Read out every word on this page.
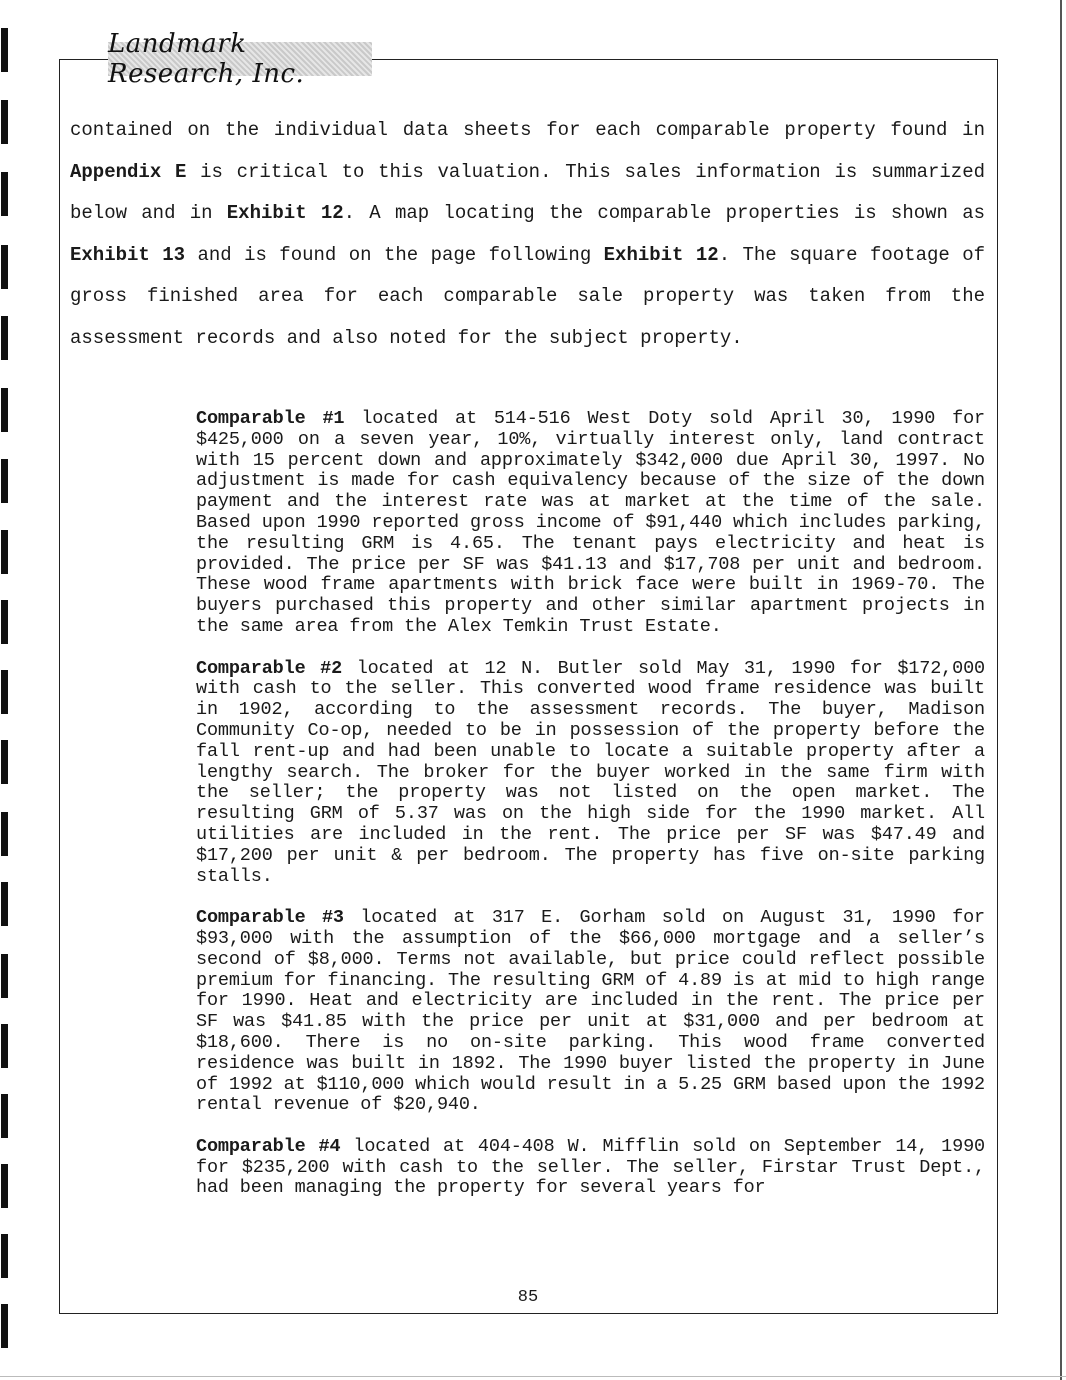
Landmark Research, Inc.

contained on the individual data sheets for each comparable property found in Appendix E is critical to this valuation. This sales information is summarized below and in Exhibit 12. A map locating the comparable properties is shown as Exhibit 13 and is found on the page following Exhibit 12. The square footage of gross finished area for each comparable sale property was taken from the assessment records and also noted for the subject property.

Comparable #1 located at 514-516 West Doty sold April 30, 1990 for $425,000 on a seven year, 10%, virtually interest only, land contract with 15 percent down and approximately $342,000 due April 30, 1997. No adjustment is made for cash equivalency because of the size of the down payment and the interest rate was at market at the time of the sale. Based upon 1990 reported gross income of $91,440 which includes parking, the resulting GRM is 4.65. The tenant pays electricity and heat is provided. The price per SF was $41.13 and $17,708 per unit and bedroom. These wood frame apartments with brick face were built in 1969-70. The buyers purchased this property and other similar apartment projects in the same area from the Alex Temkin Trust Estate.

Comparable #2 located at 12 N. Butler sold May 31, 1990 for $172,000 with cash to the seller. This converted wood frame residence was built in 1902, according to the assessment records. The buyer, Madison Community Co-op, needed to be in possession of the property before the fall rent-up and had been unable to locate a suitable property after a lengthy search. The broker for the buyer worked in the same firm with the seller; the property was not listed on the open market. The resulting GRM of 5.37 was on the high side for the 1990 market. All utilities are included in the rent. The price per SF was $47.49 and $17,200 per unit & per bedroom. The property has five on-site parking stalls.

Comparable #3 located at 317 E. Gorham sold on August 31, 1990 for $93,000 with the assumption of the $66,000 mortgage and a seller’s second of $8,000. Terms not available, but price could reflect possible premium for financing. The resulting GRM of 4.89 is at mid to high range for 1990. Heat and electricity are included in the rent. The price per SF was $41.85 with the price per unit at $31,000 and per bedroom at $18,600. There is no on-site parking. This wood frame converted residence was built in 1892. The 1990 buyer listed the property in June of 1992 at $110,000 which would result in a 5.25 GRM based upon the 1992 rental revenue of $20,940.

Comparable #4 located at 404-408 W. Mifflin sold on September 14, 1990 for $235,200 with cash to the seller. The seller, Firstar Trust Dept., had been managing the property for several years for

85
